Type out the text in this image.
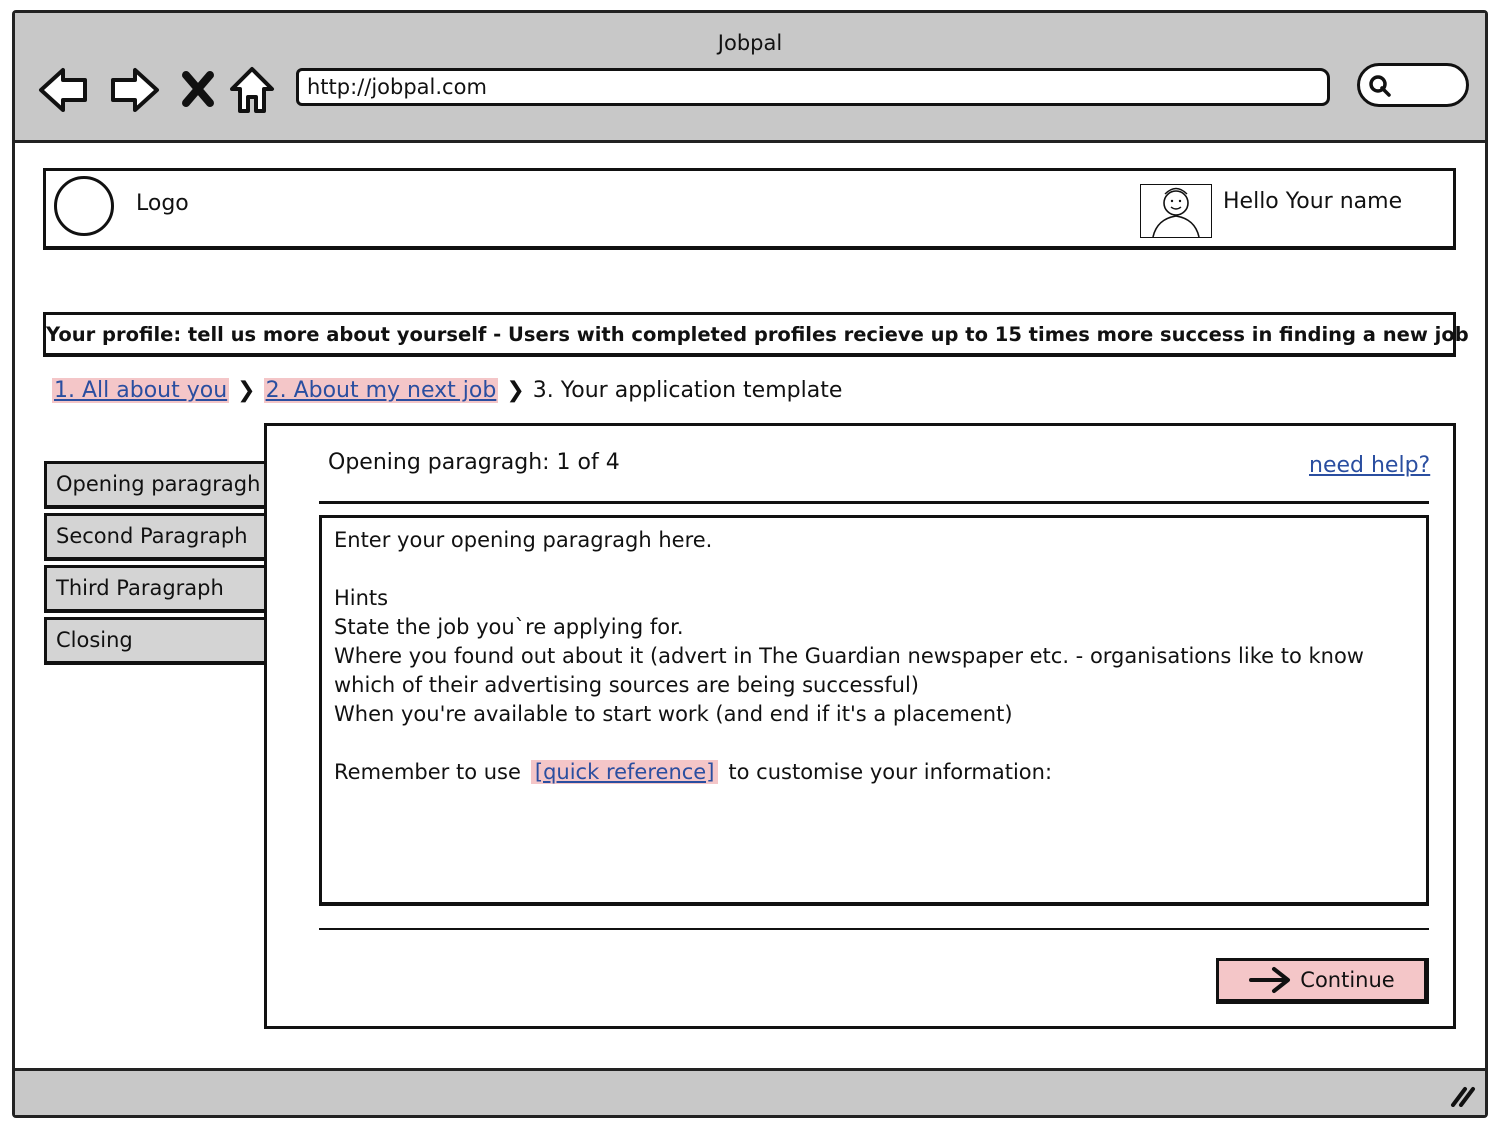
Jobpal
http://jobpal.com
Logo	Hello Your name
Your profile: tell us more about yourself - Users with completed profiles recieve up to 15 times more success in finding a new job
1. All about you ❯ 2. About my next job ❯ 3. Your application template
Opening paragragh
Second Paragraph
Third Paragraph
Closing
Opening paragragh: 1 of 4	need help?
Enter your opening paragragh here.
Hints
State the job you`re applying for.
Where you found out about it (advert in The Guardian newspaper etc. - organisations like to know
which of their advertising sources are being successful)
When you're available to start work (and end if it's a placement)
Remember to use [quick reference] to customise your information:
Continue
